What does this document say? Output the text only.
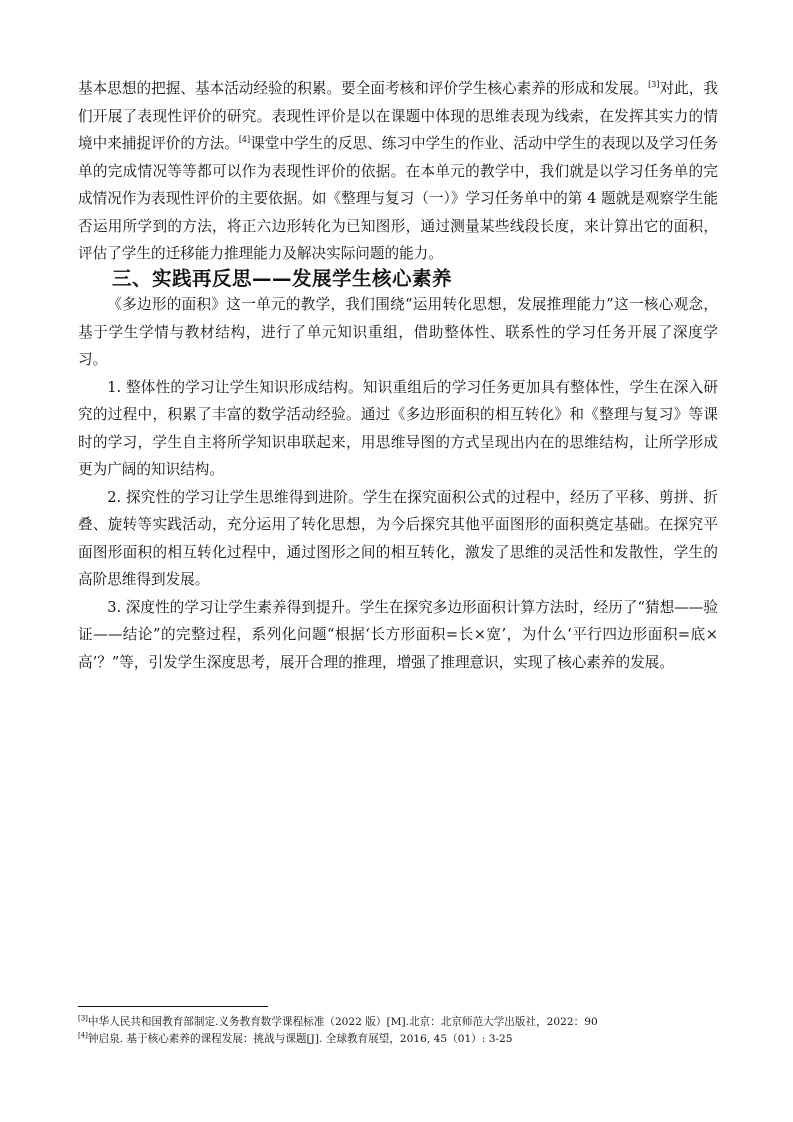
基本思想的把握、基本活动经验的积累。要全面考核和评价学生核心素养的形成和发展。[3]对此，我们开展了表现性评价的研究。表现性评价是以在课题中体现的思维表现为线索，在发挥其实力的情境中来捕捉评价的方法。[4]课堂中学生的反思、练习中学生的作业、活动中学生的表现以及学习任务单的完成情况等等都可以作为表现性评价的依据。在本单元的教学中，我们就是以学习任务单的完成情况作为表现性评价的主要依据。如《整理与复习（一）》学习任务单中的第 4 题就是观察学生能否运用所学到的方法，将正六边形转化为已知图形，通过测量某些线段长度，来计算出它的面积，评估了学生的迁移能力推理能力及解决实际问题的能力。

三、实践再反思——发展学生核心素养

《多边形的面积》这一单元的教学，我们围绕“运用转化思想，发展推理能力”这一核心观念，基于学生学情与教材结构，进行了单元知识重组，借助整体性、联系性的学习任务开展了深度学习。

1. 整体性的学习让学生知识形成结构。知识重组后的学习任务更加具有整体性，学生在深入研究的过程中，积累了丰富的数学活动经验。通过《多边形面积的相互转化》和《整理与复习》等课时的学习，学生自主将所学知识串联起来，用思维导图的方式呈现出内在的思维结构，让所学形成更为广阔的知识结构。

2. 探究性的学习让学生思维得到进阶。学生在探究面积公式的过程中，经历了平移、剪拼、折叠、旋转等实践活动，充分运用了转化思想，为今后探究其他平面图形的面积奠定基础。在探究平面图形面积的相互转化过程中，通过图形之间的相互转化，激发了思维的灵活性和发散性，学生的高阶思维得到发展。

3. 深度性的学习让学生素养得到提升。学生在探究多边形面积计算方法时，经历了“猜想——验证——结论”的完整过程，系列化问题“根据‘长方形面积=长×宽’，为什么‘平行四边形面积=底×高’？”等，引发学生深度思考，展开合理的推理，增强了推理意识，实现了核心素养的发展。

[3]中华人民共和国教育部制定.义务教育数学课程标准（2022 版）[M].北京：北京师范大学出版社，2022：90
[4]钟启泉. 基于核心素养的课程发展：挑战与课题[J]. 全球教育展望，2016, 45（01）: 3-25
